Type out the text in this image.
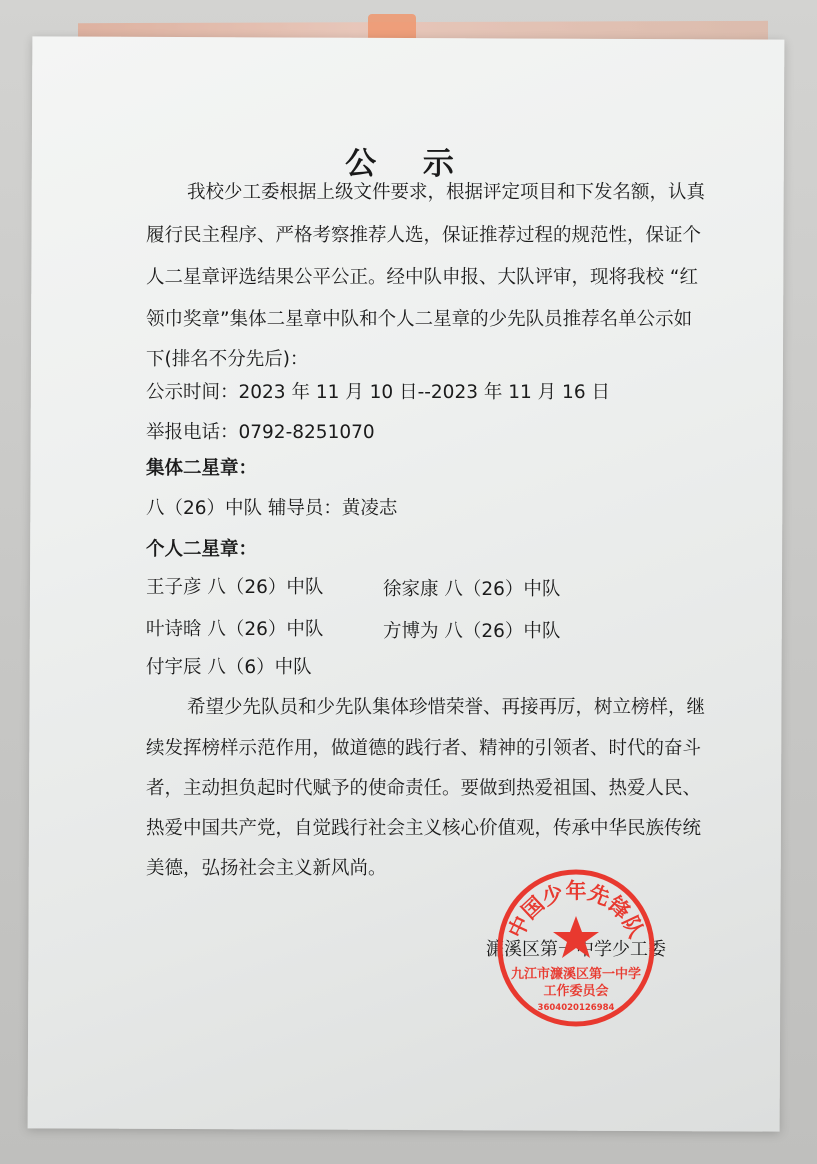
公 示
我校少工委根据上级文件要求，根据评定项目和下发名额，认真
履行民主程序、严格考察推荐人选，保证推荐过程的规范性，保证个
人二星章评选结果公平公正。经中队申报、大队评审，现将我校 “红
领巾奖章”集体二星章中队和个人二星章的少先队员推荐名单公示如
下(排名不分先后)：
公示时间：2023 年 11 月 10 日--2023 年 11 月 16 日
举报电话：0792-8251070
集体二星章：
八（26）中队 辅导员：黄凌志
个人二星章：
王子彦 八（26）中队	徐家康 八（26）中队
叶诗晗 八（26）中队	方博为 八（26）中队
付宇辰 八（6）中队
希望少先队员和少先队集体珍惜荣誉、再接再厉，树立榜样，继
续发挥榜样示范作用，做道德的践行者、精神的引领者、时代的奋斗
者，主动担负起时代赋予的使命责任。要做到热爱祖国、热爱人民、
热爱中国共产党，自觉践行社会主义核心价值观，传承中华民族传统
美德，弘扬社会主义新风尚。
濂溪区第一中学少工委
中国少年先锋队
九江市濂溪区第一中学
工作委员会
3604020126984
